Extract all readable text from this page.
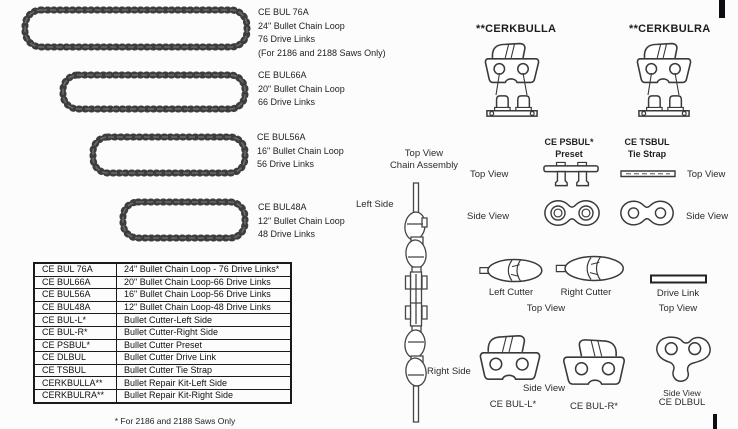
CE BUL 76A
24" Bullet Chain Loop
76 Drive Links
(For 2186 and 2188 Saws Only)
CE BUL66A
20" Bullet Chain Loop
66 Drive Links
CE BUL56A
16" Bullet Chain Loop
56 Drive Links
CE BUL48A
12" Bullet Chain Loop
48 Drive Links
CE BUL 76A	24" Bullet Chain Loop - 76 Drive Links*
CE BUL66A	20" Bullet Chain Loop-66 Drive Links
CE BUL56A	16" Bullet Chain Loop-56 Drive Links
CE BUL48A	12" Bullet Chain Loop-48 Drive Links
CE BUL-L*	Bullet Cutter-Left Side
CE BUL-R*	Bullet Cutter-Right Side
CE PSBUL*	Bullet Cutter Preset
CE DLBUL	Bullet Cutter Drive Link
CE TSBUL	Bullet Cutter Tie Strap
CERKBULLA**	Bullet Repair Kit-Left Side
CERKBULRA**	Bullet Repair Kit-Right Side
* For 2186 and 2188 Saws Only
Top View
Chain Assembly
Left Side
Right Side
**CERKBULLA	**CERKBULRA
CE PSBUL*
Preset
CE TSBUL
Tie Strap
Top View	Top View
Side View	Side View
Left Cutter	Right Cutter
Top View
Drive Link
Top View
Side View
CE BUL-L*	CE BUL-R*
Side View
CE DLBUL
